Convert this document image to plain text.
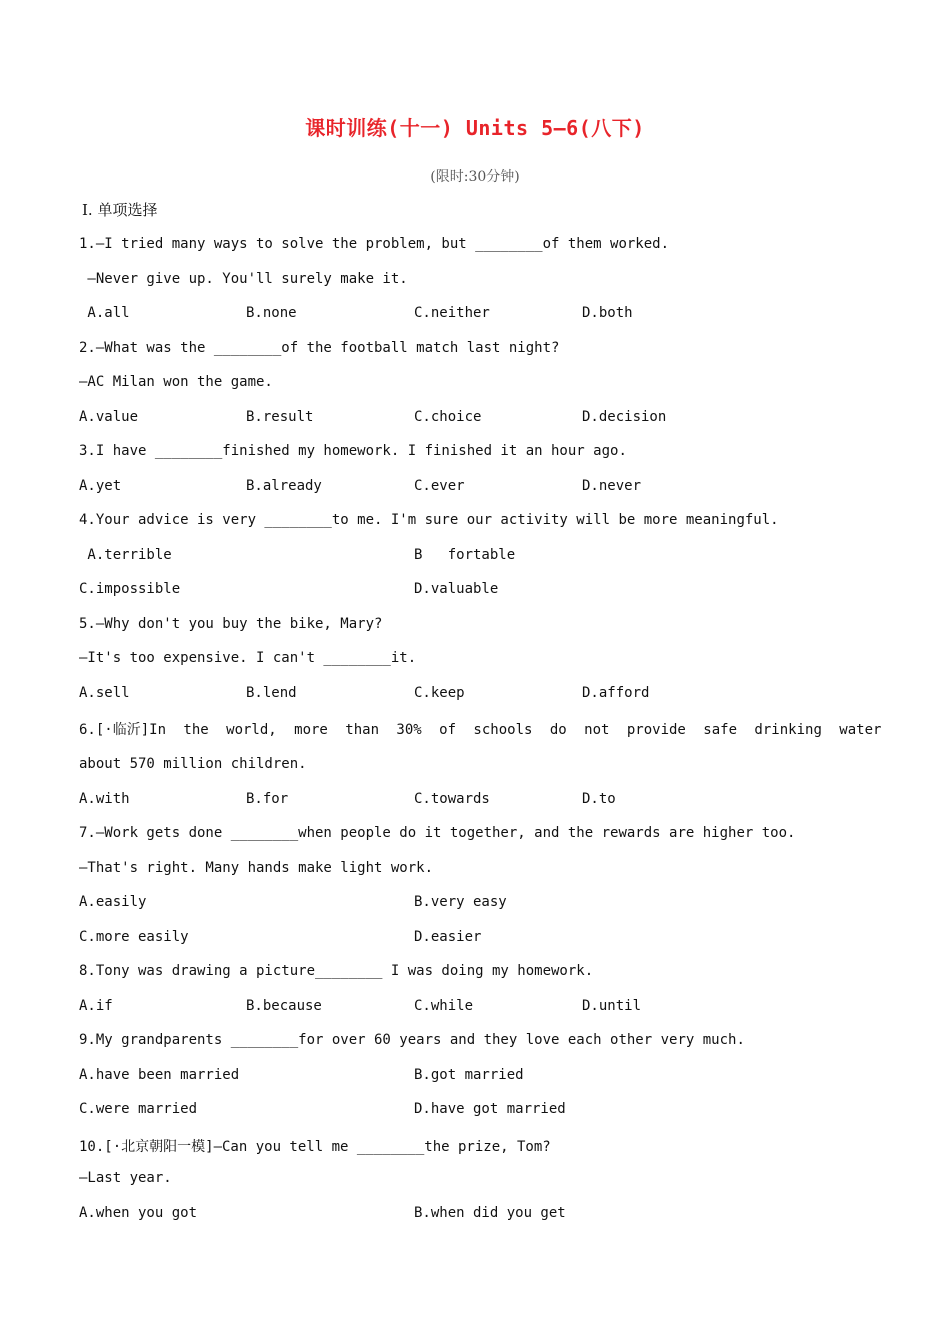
课时训练(十一) Units 5—6(八下)
(限时:30分钟)
Ⅰ. 单项选择
1.—I tried many ways to solve the problem, but ________of them worked.
—Never give up. You'll surely make it.
A.all	B.none	C.neither	D.both
2.—What was the ________of the football match last night?
—AC Milan won the game.
A.value	B.result	C.choice	D.decision
3.I have ________finished my homework. I finished it an hour ago.
A.yet	B.already	C.ever	D.never
4.Your advice is very ________to me. I'm sure our activity will be more meaningful.
A.terrible	B   fortable
C.impossible	D.valuable
5.—Why don't you buy the bike, Mary?
—It's too expensive. I can't ________it.
A.sell	B.lend	C.keep	D.afford
6.[·临沂]In the world, more than 30% of schools do not provide safe drinking water
about 570 million children.
A.with	B.for	C.towards	D.to
7.—Work gets done ________when people do it together, and the rewards are higher too.
—That's right. Many hands make light work.
A.easily	B.very easy
C.more easily	D.easier
8.Tony was drawing a picture________ I was doing my homework.
A.if	B.because	C.while	D.until
9.My grandparents ________for over 60 years and they love each other very much.
A.have been married	B.got married
C.were married	D.have got married
10.[·北京朝阳一模]—Can you tell me ________the prize, Tom?
—Last year.
A.when you got	B.when did you get
